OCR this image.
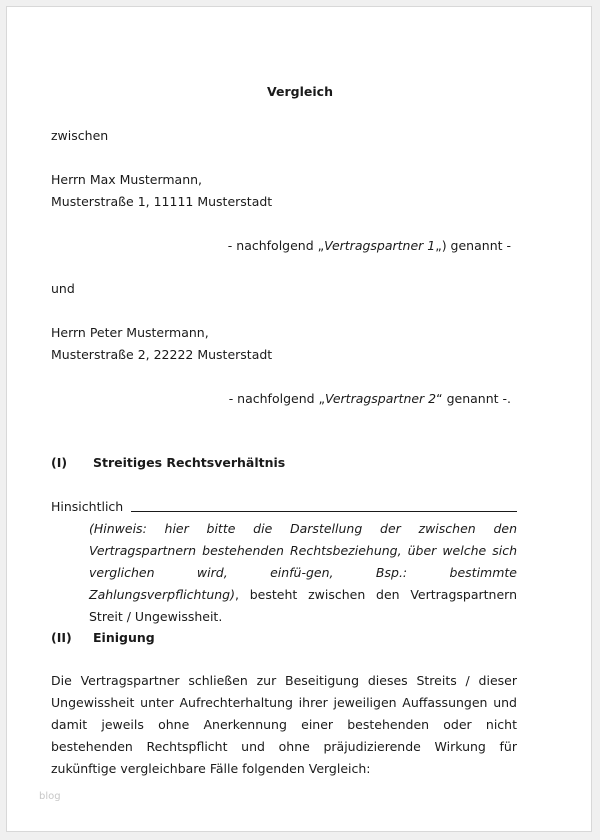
Vergleich
zwischen
Herrn Max Mustermann,
Musterstraße 1, 11111 Musterstadt
- nachfolgend „Vertragspartner 1„) genannt -
und
Herrn Peter Mustermann,
Musterstraße 2, 22222 Musterstadt
- nachfolgend „Vertragspartner 2“ genannt -.
(I) Streitiges Rechtsverhältnis
Hinsichtlich
(Hinweis: hier bitte die Darstellung der zwischen den Vertragspartnern bestehenden Rechtsbeziehung, über welche sich verglichen wird, einfü-gen, Bsp.: bestimmte Zahlungsverpflichtung), besteht zwischen den Vertragspartnern Streit / Ungewissheit.
(II) Einigung
Die Vertragspartner schließen zur Beseitigung dieses Streits / dieser Ungewissheit unter Aufrechterhaltung ihrer jeweiligen Auffassungen und damit jeweils ohne Anerkennung einer bestehenden oder nicht bestehenden Rechtspflicht und ohne präjudizierende Wirkung für zukünftige vergleichbare Fälle folgenden Vergleich:
blog
